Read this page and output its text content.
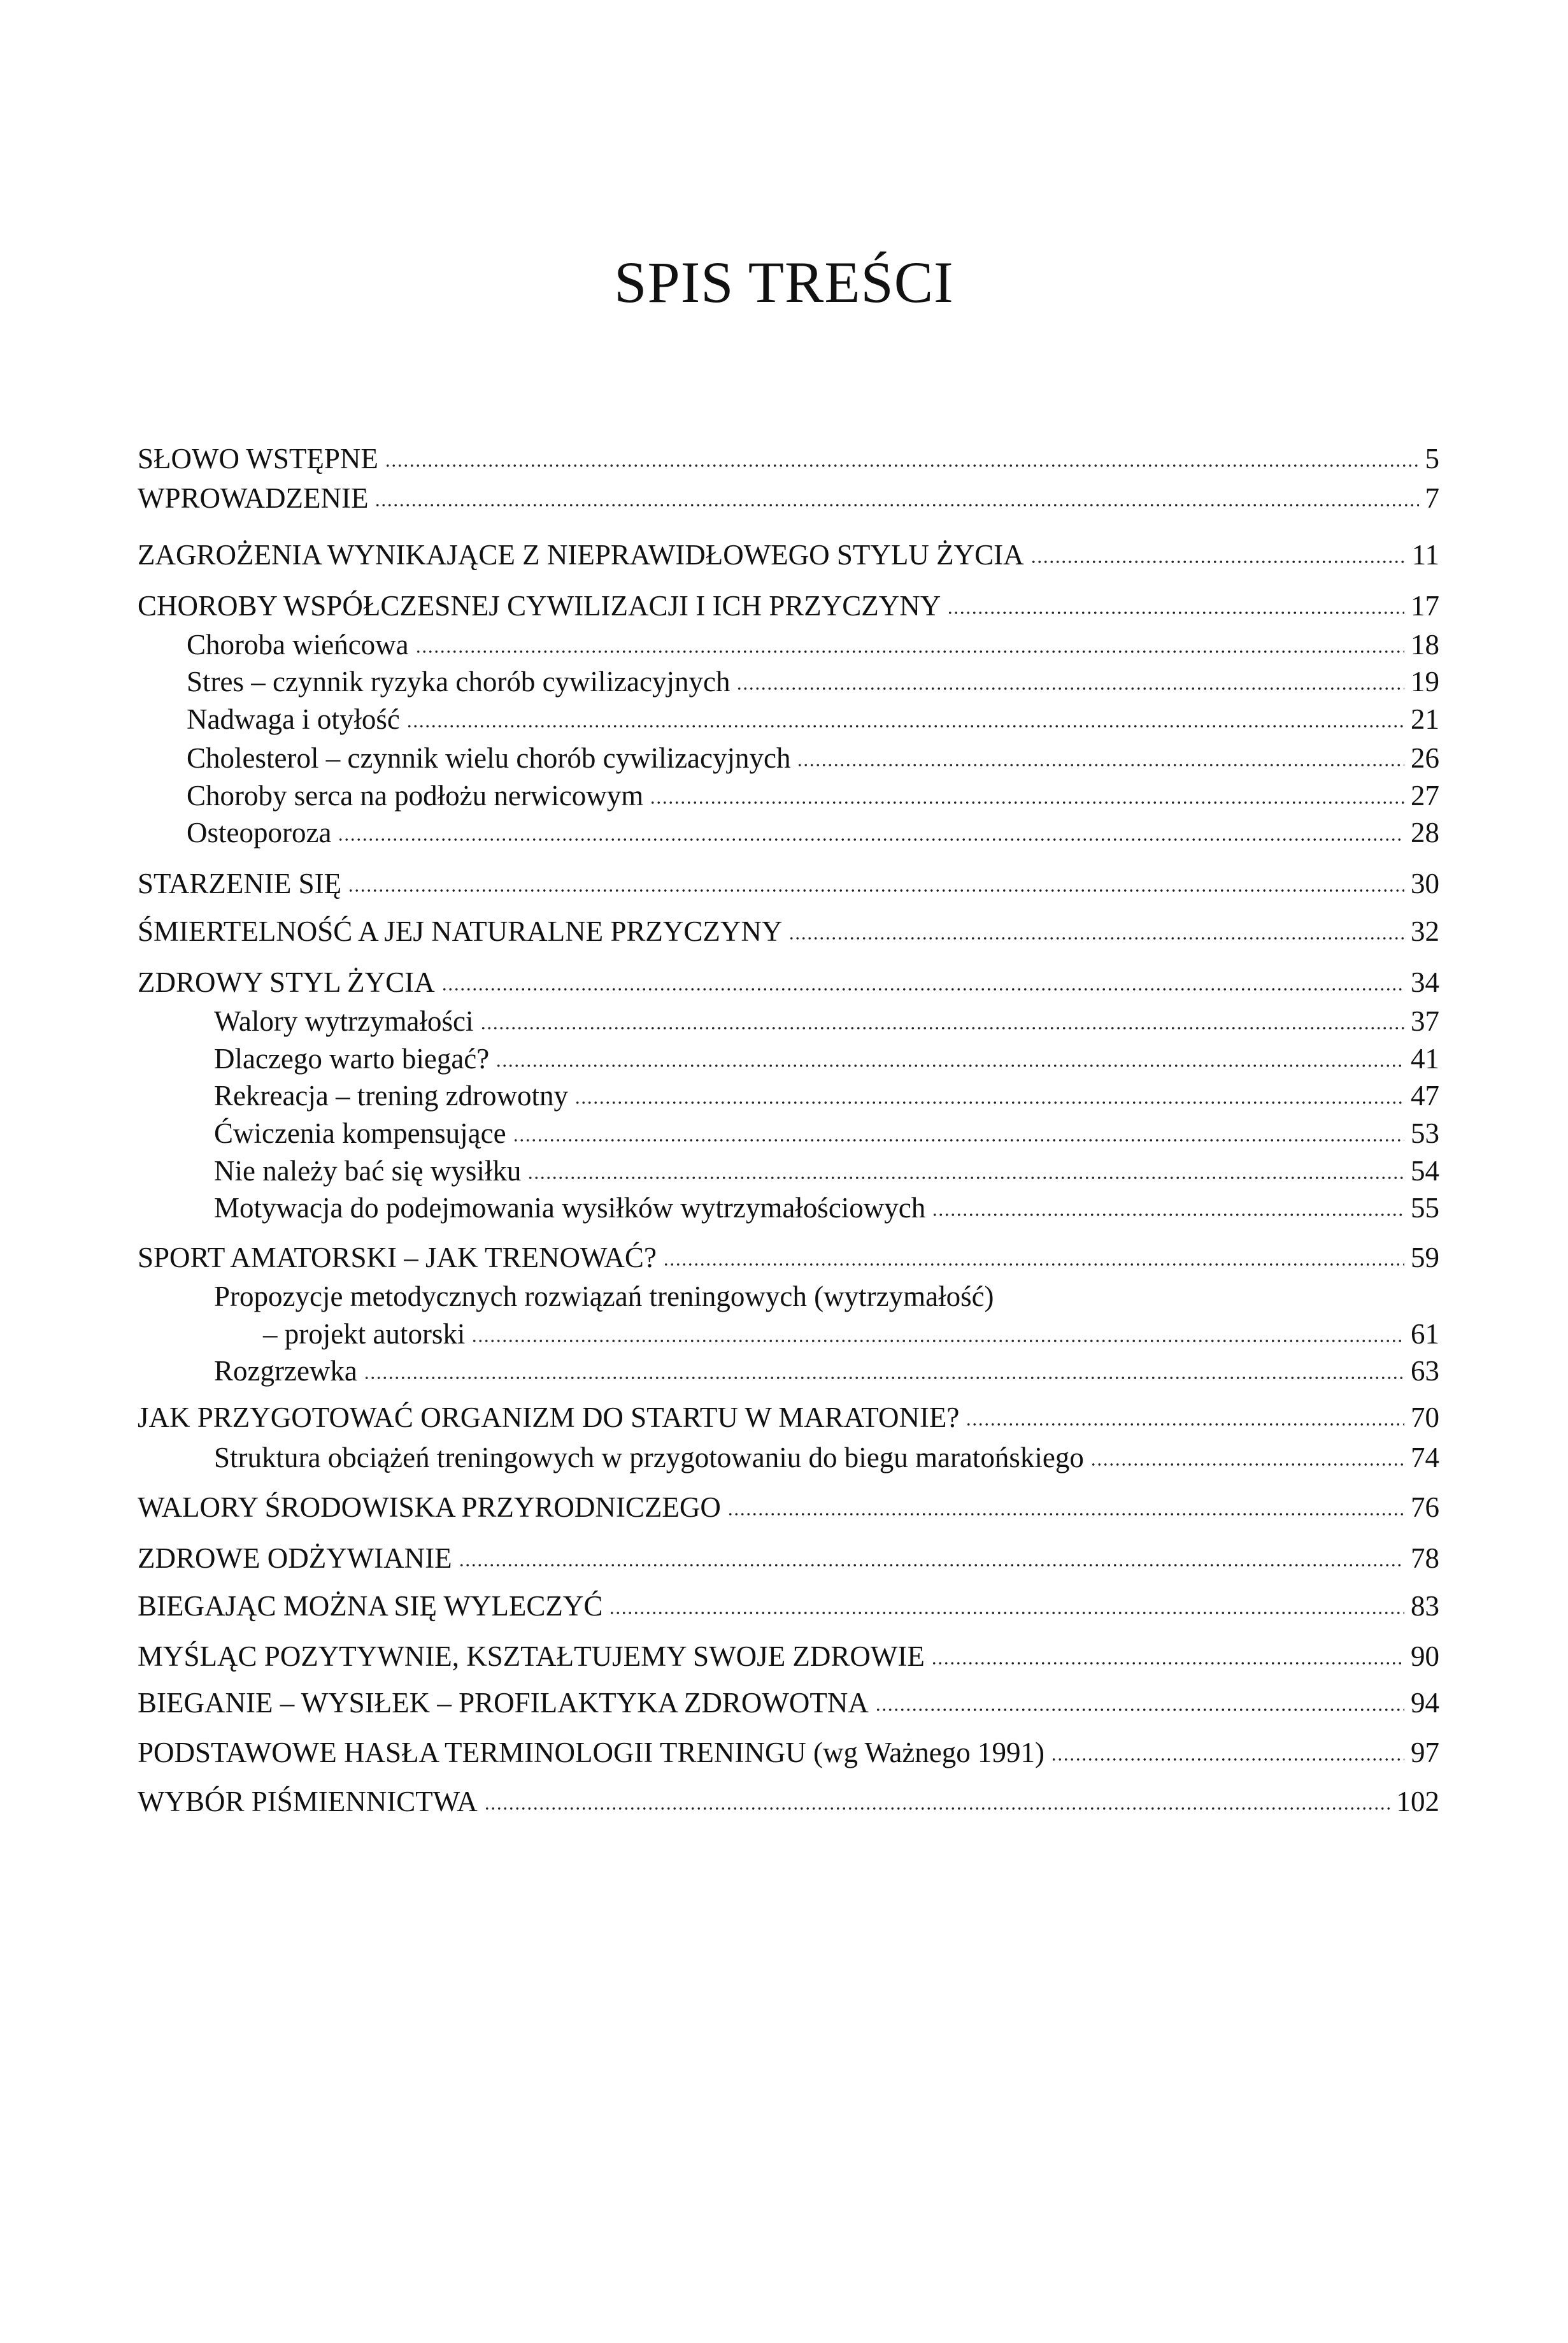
SPIS TREŚCI
SŁOWO WSTĘPNE	5
WPROWADZENIE	7
ZAGROŻENIA WYNIKAJĄCE Z NIEPRAWIDŁOWEGO STYLU ŻYCIA	11
CHOROBY WSPÓŁCZESNEJ CYWILIZACJI I ICH PRZYCZYNY	17
Choroba wieńcowa	18
Stres – czynnik ryzyka chorób cywilizacyjnych	19
Nadwaga i otyłość	21
Cholesterol – czynnik wielu chorób cywilizacyjnych	26
Choroby serca na podłożu nerwicowym	27
Osteoporoza	28
STARZENIE SIĘ	30
ŚMIERTELNOŚĆ A JEJ NATURALNE PRZYCZYNY	32
ZDROWY STYL ŻYCIA	34
Walory wytrzymałości	37
Dlaczego warto biegać?	41
Rekreacja – trening zdrowotny	47
Ćwiczenia kompensujące	53
Nie należy bać się wysiłku	54
Motywacja do podejmowania wysiłków wytrzymałościowych	55
SPORT AMATORSKI – JAK TRENOWAĆ?	59
Propozycje metodycznych rozwiązań treningowych (wytrzymałość)
– projekt autorski	61
Rozgrzewka	63
JAK PRZYGOTOWAĆ ORGANIZM DO STARTU W MARATONIE?	70
Struktura obciążeń treningowych w przygotowaniu do biegu maratońskiego	74
WALORY ŚRODOWISKA PRZYRODNICZEGO	76
ZDROWE ODŻYWIANIE	78
BIEGAJĄC MOŻNA SIĘ WYLECZYĆ	83
MYŚLĄC POZYTYWNIE, KSZTAŁTUJEMY SWOJE ZDROWIE	90
BIEGANIE – WYSIŁEK – PROFILAKTYKA ZDROWOTNA	94
PODSTAWOWE HASŁA TERMINOLOGII TRENINGU (wg Ważnego 1991)	97
WYBÓR PIŚMIENNICTWA	102
